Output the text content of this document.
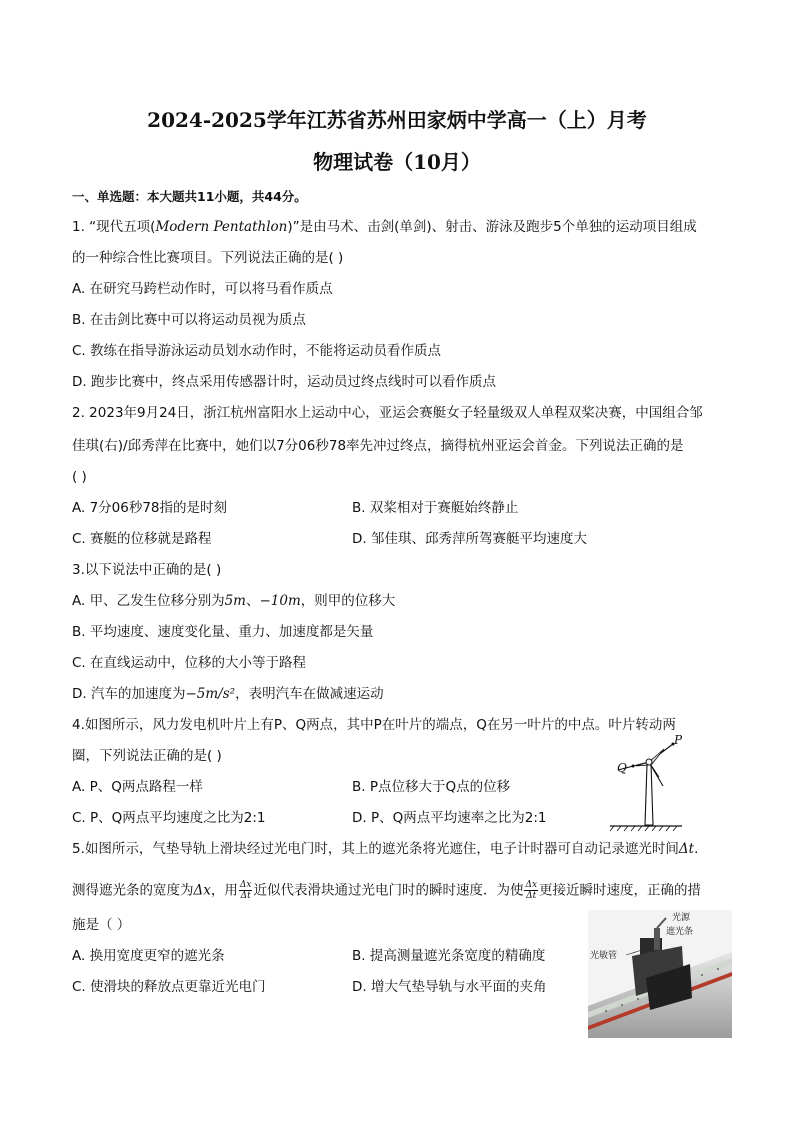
2024-2025学年江苏省苏州田家炳中学高一（上）月考
物理试卷（10月）
一、单选题：本大题共11小题，共44分。
1. “现代五项(Modern Pentathlon)”是由马术、击剑(单剑)、射击、游泳及跑步5个单独的运动项目组成
的一种综合性比赛项目。下列说法正确的是( )
A. 在研究马跨栏动作时，可以将马看作质点
B. 在击剑比赛中可以将运动员视为质点
C. 教练在指导游泳运动员划水动作时，不能将运动员看作质点
D. 跑步比赛中，终点采用传感器计时，运动员过终点线时可以看作质点
2. 2023年9月24日，浙江杭州富阳水上运动中心，亚运会赛艇女子轻量级双人单程双桨决赛，中国组合邹
佳琪(右)/邱秀萍在比赛中，她们以7分06秒78率先冲过终点，摘得杭州亚运会首金。下列说法正确的是
( )
A. 7分06秒78指的是时刻	B. 双桨相对于赛艇始终静止
C. 赛艇的位移就是路程	D. 邹佳琪、邱秀萍所驾赛艇平均速度大
3.以下说法中正确的是( )
A. 甲、乙发生位移分别为5m、−10m，则甲的位移大
B. 平均速度、速度变化量、重力、加速度都是矢量
C. 在直线运动中，位移的大小等于路程
D. 汽车的加速度为−5m/s²，表明汽车在做减速运动
4.如图所示，风力发电机叶片上有P、Q两点，其中P在叶片的端点，Q在另一叶片的中点。叶片转动两
圈，下列说法正确的是( )
A. P、Q两点路程一样	B. P点位移大于Q点的位移
C. P、Q两点平均速度之比为2:1	D. P、Q两点平均速率之比为2:1
P
Q
5.如图所示，气垫导轨上滑块经过光电门时，其上的遮光条将光遮住，电子计时器可自动记录遮光时间Δt.
测得遮光条的宽度为Δx，用 $\frac{\Delta x}{\Delta t}$ 近似代表滑块通过光电门时的瞬时速度．为使 $\frac{\Delta x}{\Delta t}$ 更接近瞬时速度，正确的措
施是（ ）
A. 换用宽度更窄的遮光条	B. 提高测量遮光条宽度的精确度
C. 使滑块的释放点更靠近光电门	D. 增大气垫导轨与水平面的夹角
光源
遮光条
光敏管
